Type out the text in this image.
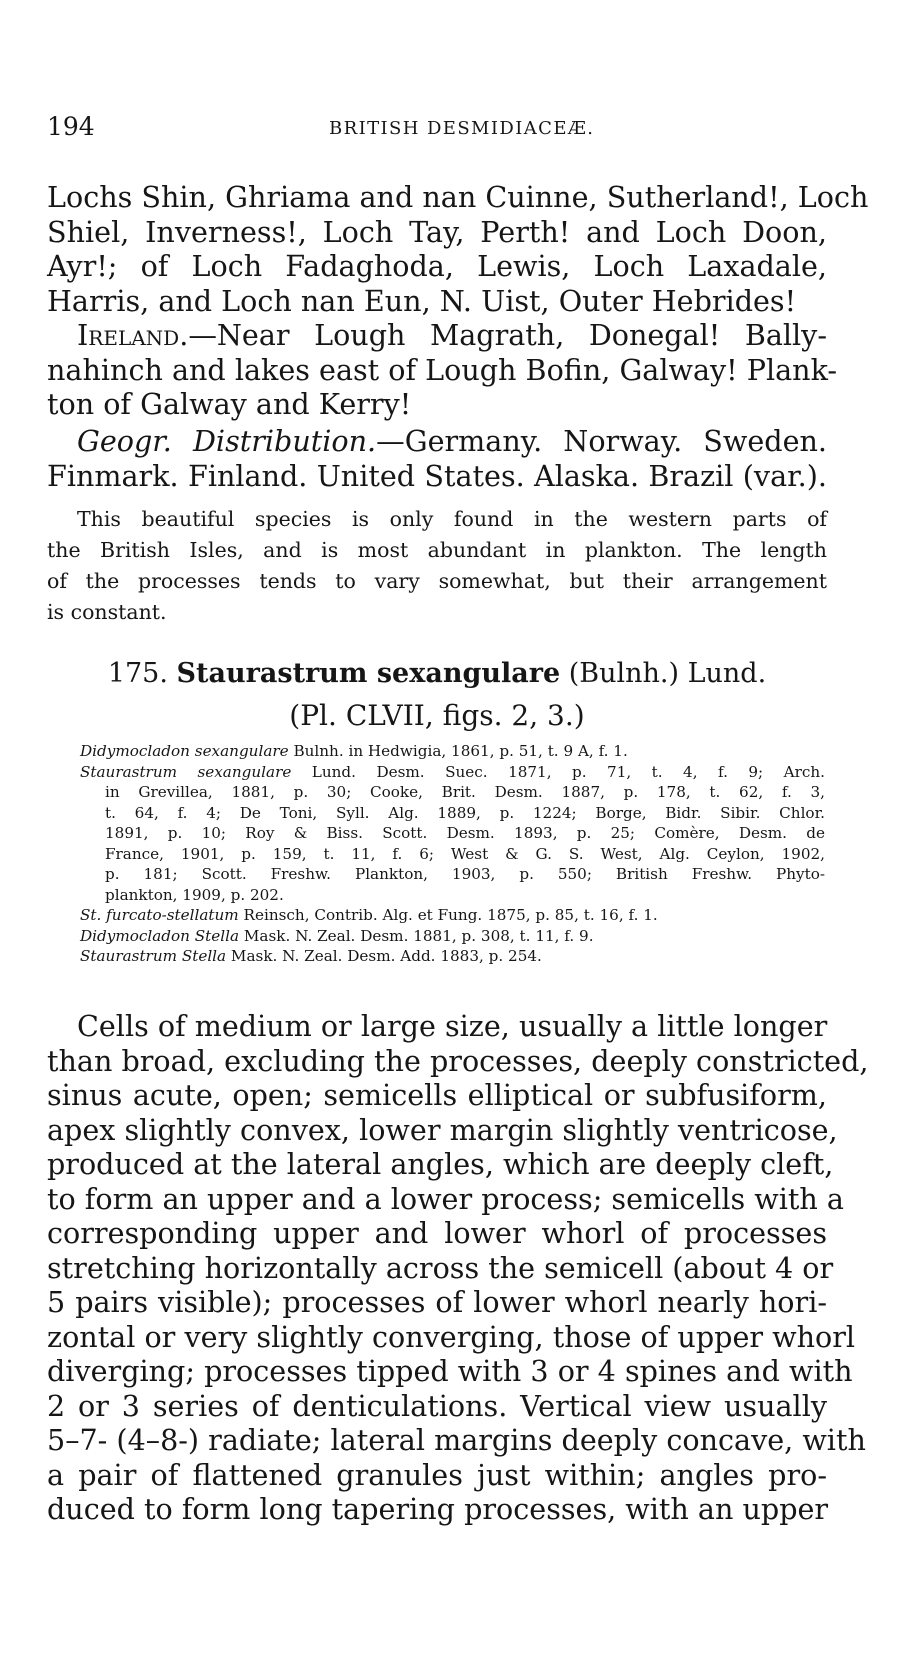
194	BRITISH DESMIDIACEÆ.

Lochs Shin, Ghriama and nan Cuinne, Sutherland!, Loch
Shiel, Inverness!, Loch Tay, Perth! and Loch Doon,
Ayr!; of Loch Fadaghoda, Lewis, Loch Laxadale,
Harris, and Loch nan Eun, N. Uist, Outer Hebrides!

Ireland.—Near Lough Magrath, Donegal! Bally-
nahinch and lakes east of Lough Bofin, Galway! Plank-
ton of Galway and Kerry!

Geogr. Distribution.—Germany. Norway. Sweden.
Finmark. Finland. United States. Alaska. Brazil (var.).

This beautiful species is only found in the western parts of
the British Isles, and is most abundant in plankton. The length
of the processes tends to vary somewhat, but their arrangement
is constant.

175. Staurastrum sexangulare (Bulnh.) Lund.
(Pl. CLVII, figs. 2, 3.)
Didymocladon sexangulare Bulnh. in Hedwigia, 1861, p. 51, t. 9 A, f. 1.
Staurastrum sexangulare Lund. Desm. Suec. 1871, p. 71, t. 4, f. 9; Arch.
in Grevillea, 1881, p. 30; Cooke, Brit. Desm. 1887, p. 178, t. 62, f. 3,
t. 64, f. 4; De Toni, Syll. Alg. 1889, p. 1224; Borge, Bidr. Sibir. Chlor.
1891, p. 10; Roy & Biss. Scott. Desm. 1893, p. 25; Comère, Desm. de
France, 1901, p. 159, t. 11, f. 6; West & G. S. West, Alg. Ceylon, 1902,
p. 181; Scott. Freshw. Plankton, 1903, p. 550; British Freshw. Phyto-
plankton, 1909, p. 202.
St. furcato-stellatum Reinsch, Contrib. Alg. et Fung. 1875, p. 85, t. 16, f. 1.
Didymocladon Stella Mask. N. Zeal. Desm. 1881, p. 308, t. 11, f. 9.
Staurastrum Stella Mask. N. Zeal. Desm. Add. 1883, p. 254.

Cells of medium or large size, usually a little longer
than broad, excluding the processes, deeply constricted,
sinus acute, open; semicells elliptical or subfusiform,
apex slightly convex, lower margin slightly ventricose,
produced at the lateral angles, which are deeply cleft,
to form an upper and a lower process; semicells with a
corresponding upper and lower whorl of processes
stretching horizontally across the semicell (about 4 or
5 pairs visible); processes of lower whorl nearly hori-
zontal or very slightly converging, those of upper whorl
diverging; processes tipped with 3 or 4 spines and with
2 or 3 series of denticulations. Vertical view usually
5–7- (4–8-) radiate; lateral margins deeply concave, with
a pair of flattened granules just within; angles pro-
duced to form long tapering processes, with an upper
